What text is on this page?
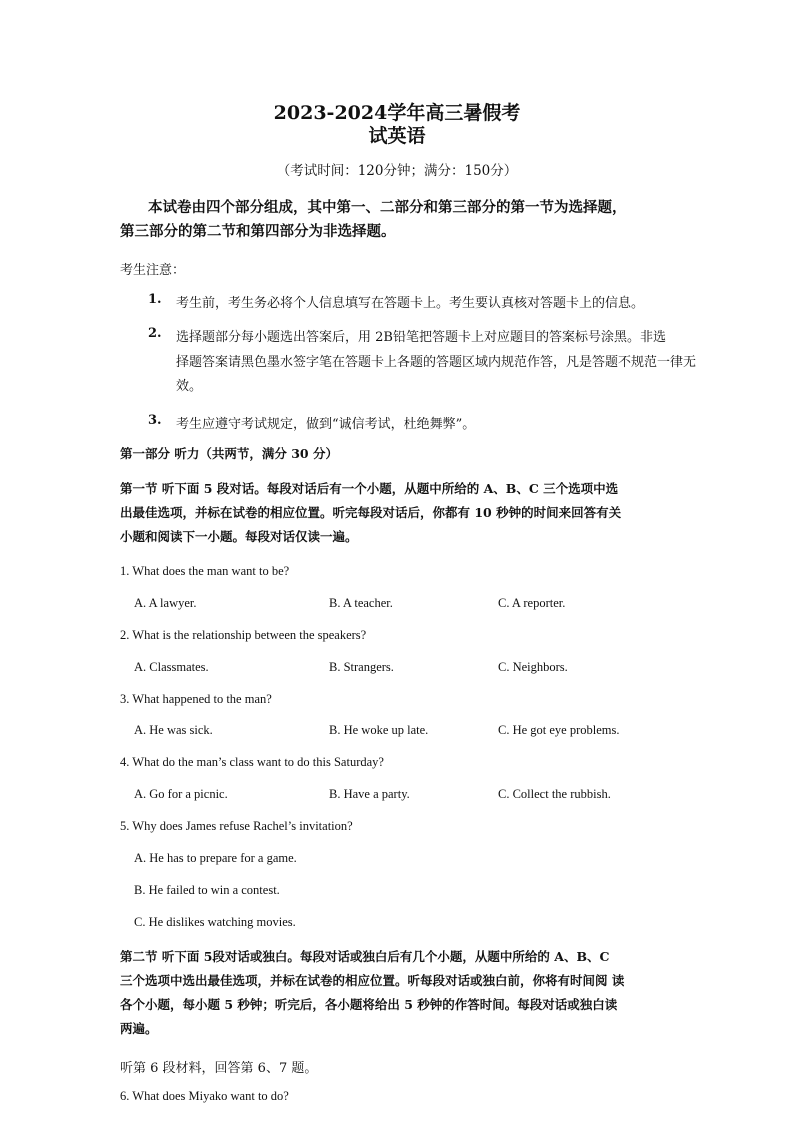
2023-2024学年高三暑假考
试英语
（考试时间：120分钟；满分：150分）
本试卷由四个部分组成，其中第一、二部分和第三部分的第一节为选择题，
第三部分的第二节和第四部分为非选择题。
考生注意：
1. 考生前，考生务必将个人信息填写在答题卡上。考生要认真核对答题卡上的信息。
2. 选择题部分每小题选出答案后，用 2B铅笔把答题卡上对应题目的答案标号涂黑。非选
择题答案请黑色墨水签字笔在答题卡上各题的答题区域内规范作答，凡是答题不规范一律无
效。
3. 考生应遵守考试规定，做到“诚信考试，杜绝舞弊”。
第一部分 听力（共两节，满分 30 分）
第一节 听下面 5 段对话。每段对话后有一个小题，从题中所给的 A、B、C 三个选项中选
出最佳选项，并标在试卷的相应位置。听完每段对话后，你都有 10 秒钟的时间来回答有关
小题和阅读下一小题。每段对话仅读一遍。
1. What does the man want to be?
A. A lawyer.	B. A teacher.	C. A reporter.
2. What is the relationship between the speakers?
A. Classmates.	B. Strangers.	C. Neighbors.
3. What happened to the man?
A. He was sick.	B. He woke up late.	C. He got eye problems.
4. What do the man’s class want to do this Saturday?
A. Go for a picnic.	B. Have a party.	C. Collect the rubbish.
5. Why does James refuse Rachel’s invitation?
A. He has to prepare for a game.
B. He failed to win a contest.
C. He dislikes watching movies.
第二节 听下面 5段对话或独白。每段对话或独白后有几个小题，从题中所给的 A、B、C
三个选项中选出最佳选项，并标在试卷的相应位置。听每段对话或独白前，你将有时间阅 读
各个小题，每小题 5 秒钟；听完后，各小题将给出 5 秒钟的作答时间。每段对话或独白读
两遍。
听第 6 段材料，回答第 6、7 题。
6. What does Miyako want to do?
